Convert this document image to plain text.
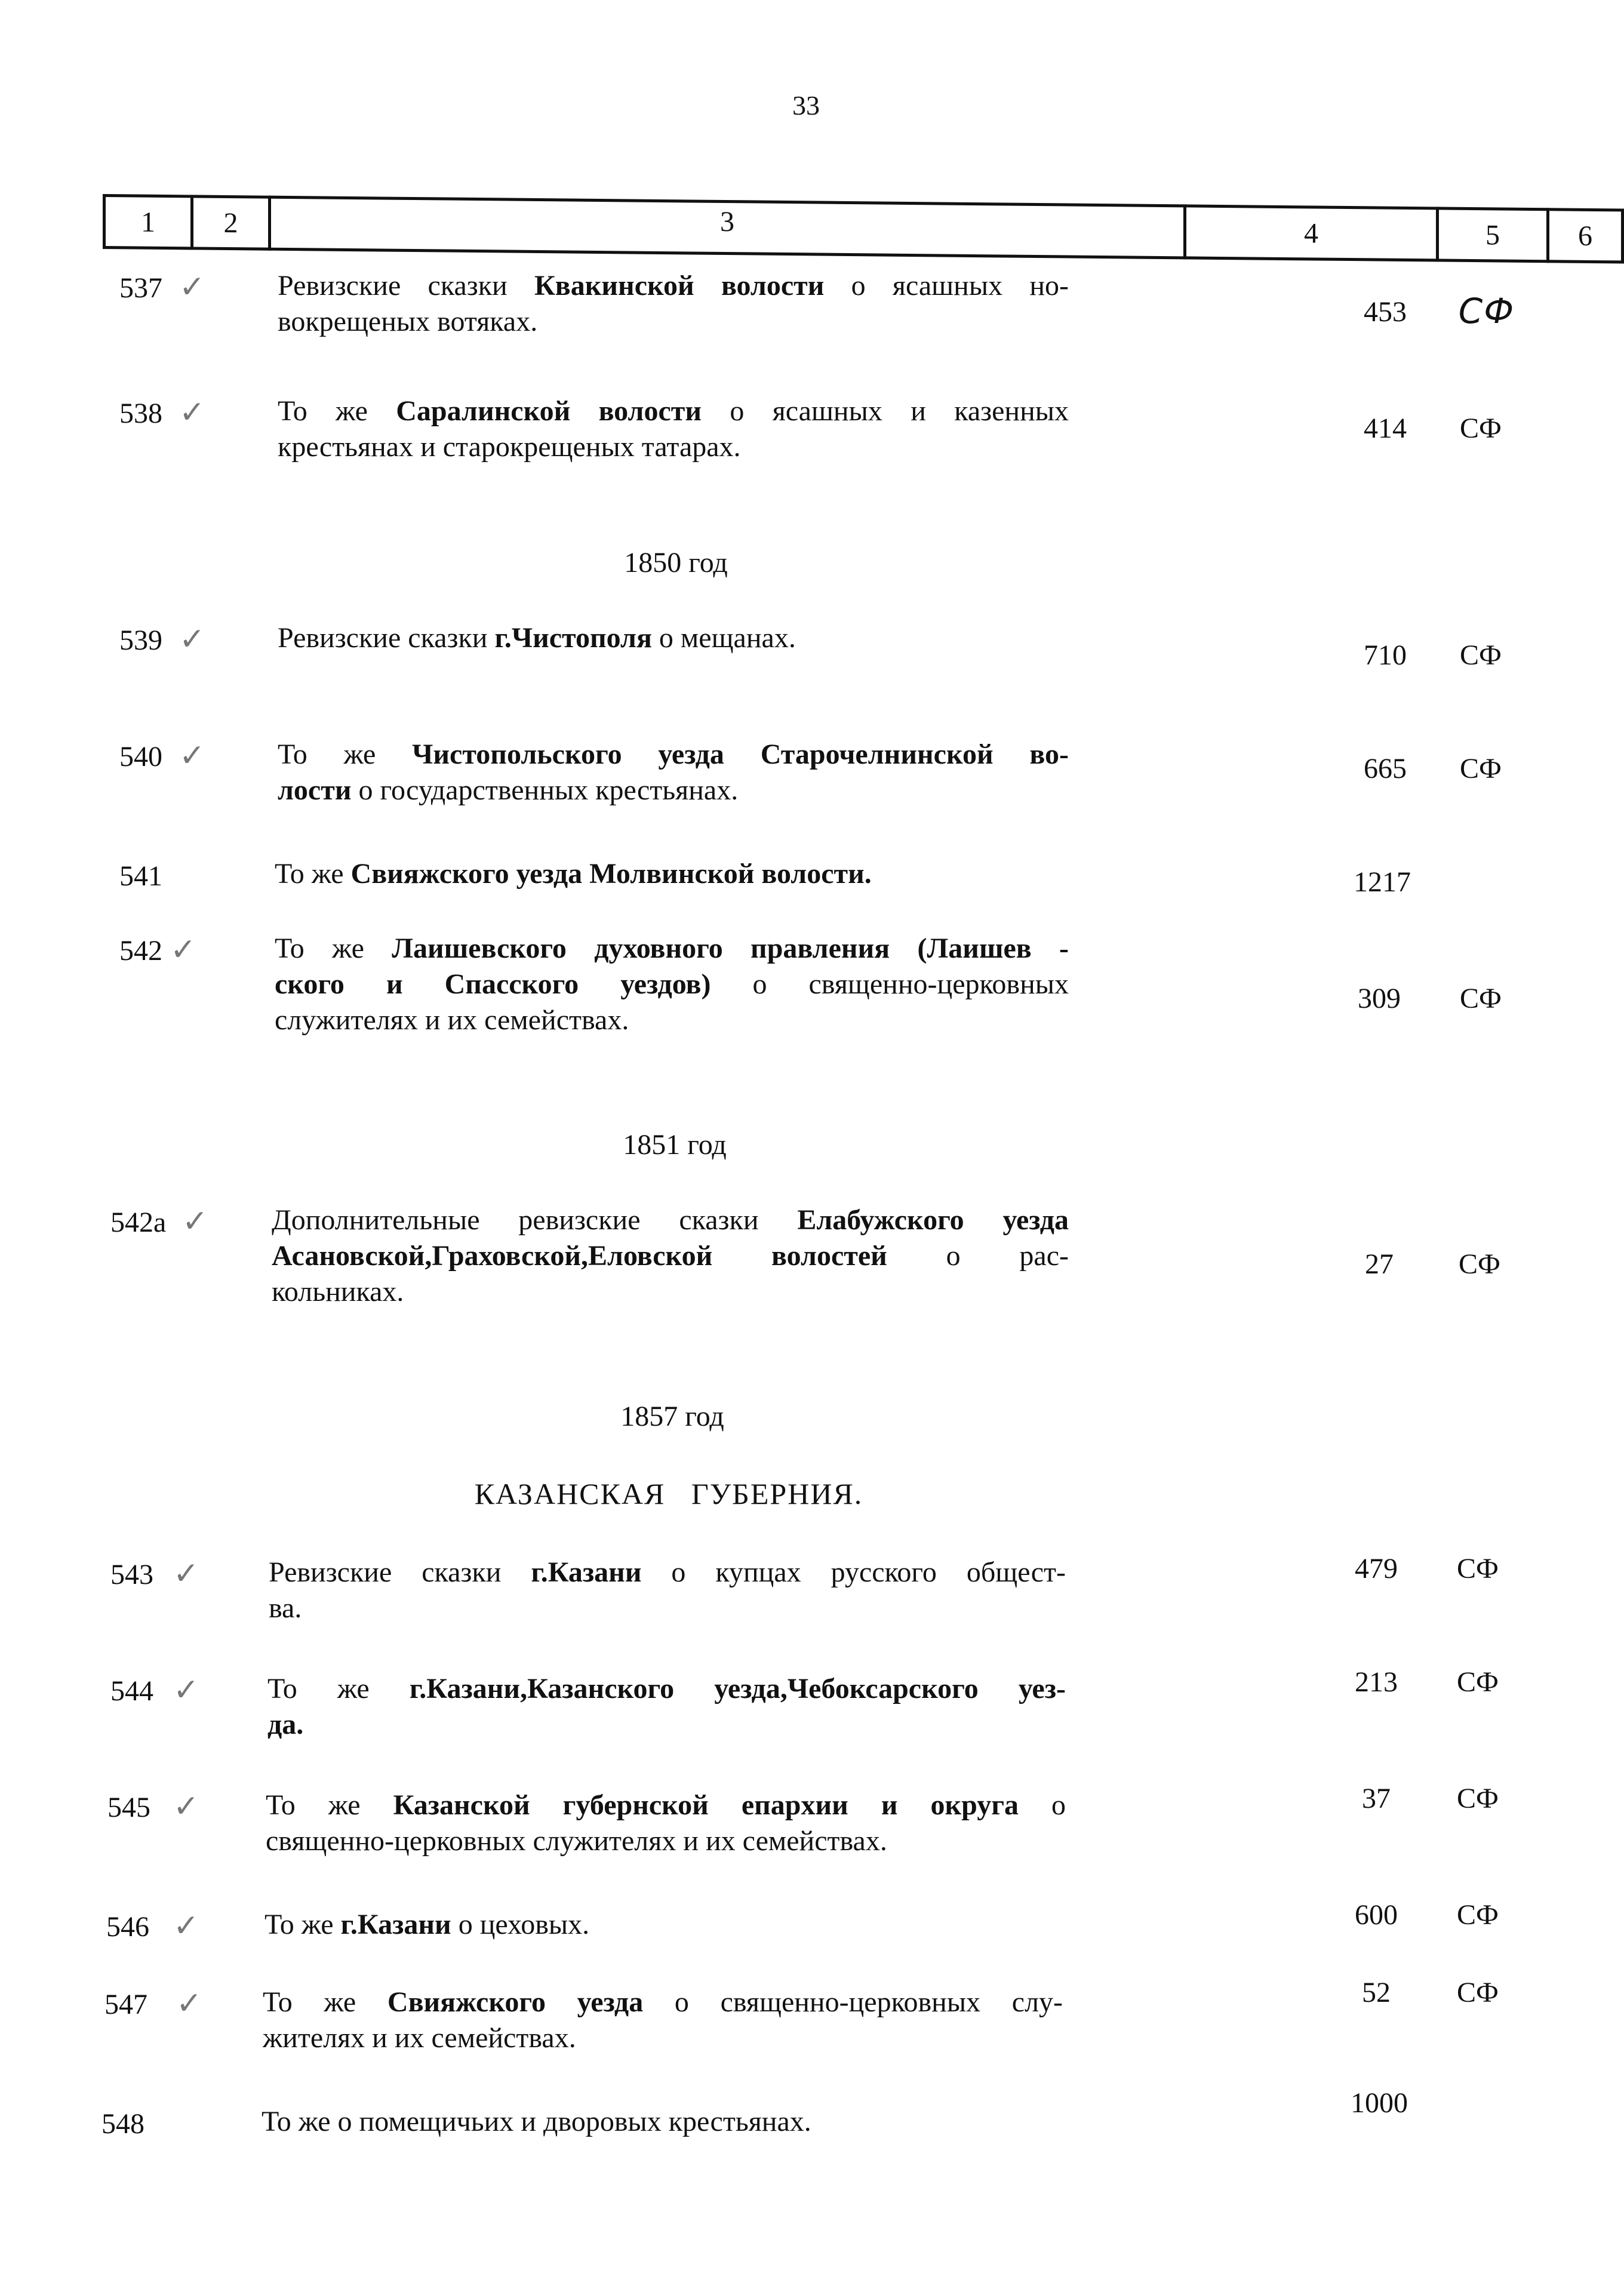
33
1	2	3	4	5	6
537 ✓	Ревизские сказки Квакинской волости о ясашных но-
вокрещеных вотяках.	453	СФ
538 ✓	То же Саралинской волости о ясашных и казенных
крестьянах и старокрещеных татарах.
414	СФ
539 ✓	Ревизские сказки г.Чистополя о мещанах.
710	СФ
540 ✓	То же Чистопольского уезда Старочелнинской во-
лости о государственных крестьянах.
665	СФ
541	То же Свияжского уезда Молвинской волости.	1217
542 ✓	То же Лаишевского духовного правления (Лаишев -
ского и Спасского уездов) о священно-церковных
служителях и их семействах.
309	СФ
542а ✓ Дополнительные ревизские сказки Елабужского уезда
Асановской,Граховской,Еловской волостей о рас-
кольниках.
27	СФ
543 ✓ Ревизские сказки г.Казани о купцах русского общест-
ва.
479	СФ
544 ✓ То же г.Казани,Казанского уезда,Чебоксарского уез-
да.
213	СФ
545 ✓ То же Казанской губернской епархии и округа о
священно-церковных служителях и их семействах.
37	СФ
546 ✓ То же г.Казани о цеховых.	600	СФ
547 ✓ То же Свияжского уезда о священно-церковных слу-
жителях и их семействах.
52	СФ
548	То же о помещичьих и дворовых крестьянах.
1000
1850 год
1851 год
1857 год
КАЗАНСКАЯ   ГУБЕРНИЯ.
